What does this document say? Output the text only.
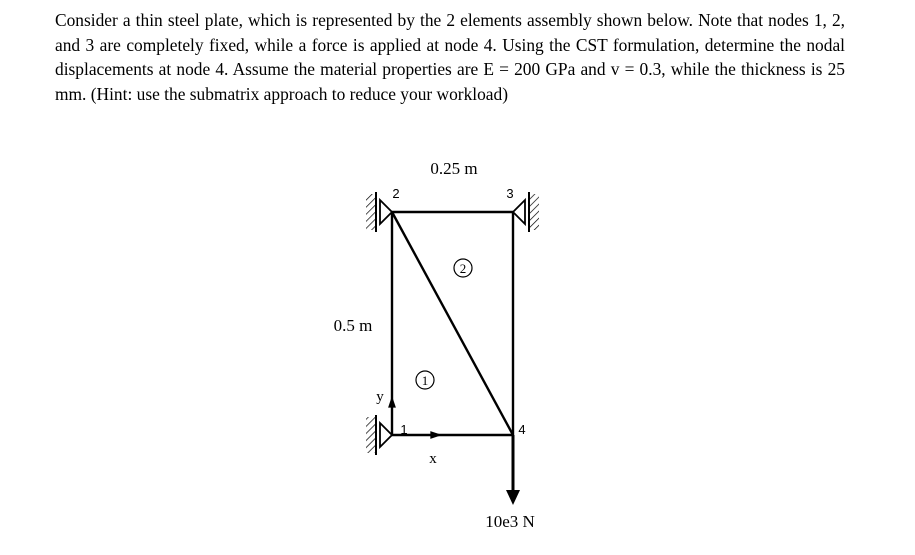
Consider a thin steel plate, which is represented by the 2 elements assembly shown below. Note that nodes 1, 2, and 3 are completely fixed, while a force is applied at node 4. Using the CST formulation, determine the nodal displacements at node 4. Assume the material properties are E = 200 GPa and v = 0.3, while the thickness is 25 mm. (Hint: use the submatrix approach to reduce your workload)

2
1
0.25 m
0.5 m
10e3 N
2	3
1	4
y
x
